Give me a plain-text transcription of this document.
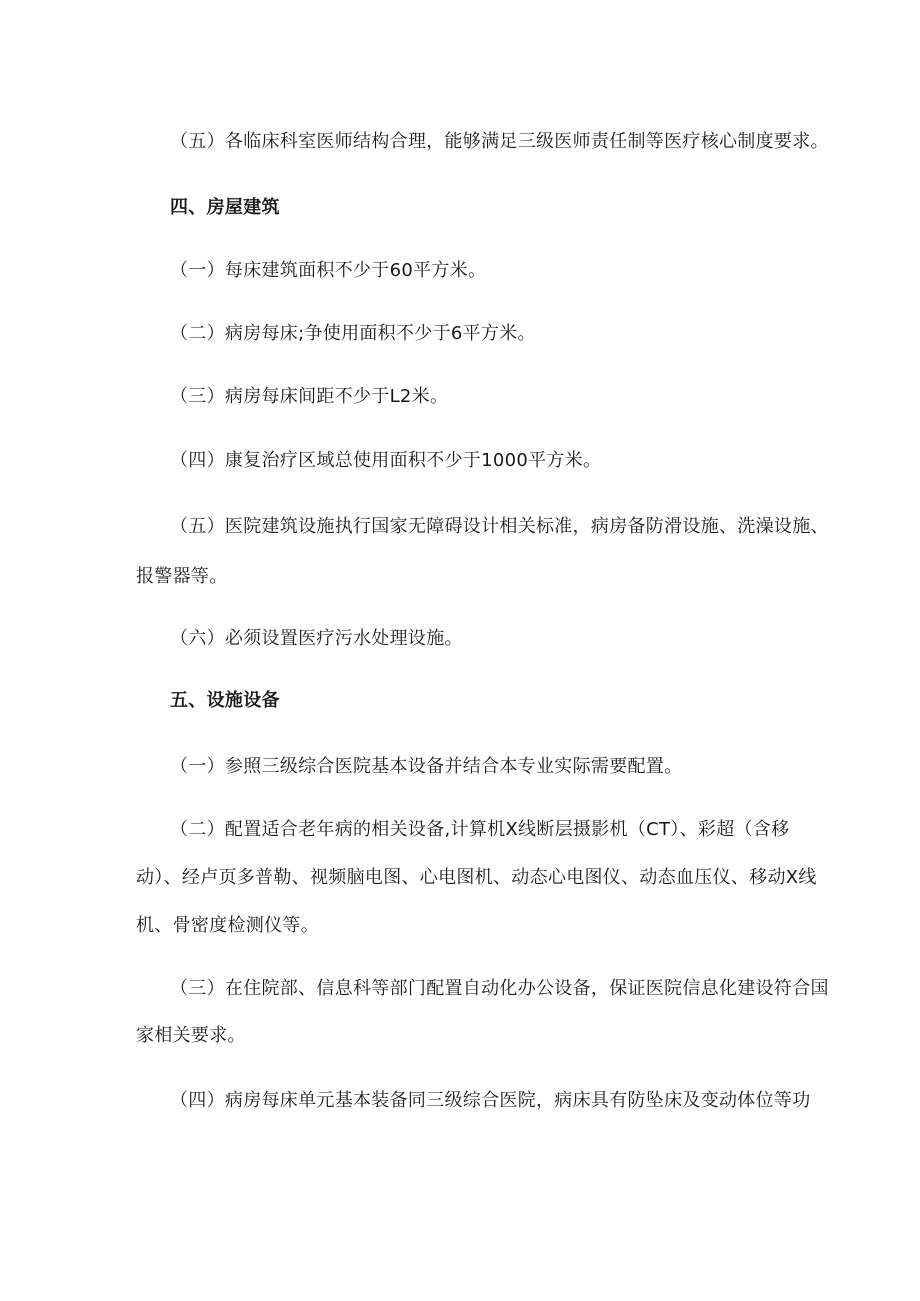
（五）各临床科室医师结构合理，能够满足三级医师责任制等医疗核心制度要求。
四、房屋建筑
（一）每床建筑面积不少于60平方米。
（二）病房每床;争使用面积不少于6平方米。
（三）病房每床间距不少于L2米。
（四）康复治疗区域总使用面积不少于1000平方米。
（五）医院建筑设施执行国家无障碍设计相关标准，病房备防滑设施、洗澡设施、
报警器等。
（六）必须设置医疗污水处理设施。
五、设施设备
（一）参照三级综合医院基本设备并结合本专业实际需要配置。
（二）配置适合老年病的相关设备,计算机X线断层摄影机（CT）、彩超（含移
动）、经卢页多普勒、视频脑电图、心电图机、动态心电图仪、动态血压仪、移动X线
机、骨密度检测仪等。
（三）在住院部、信息科等部门配置自动化办公设备，保证医院信息化建设符合国
家相关要求。
（四）病房每床单元基本装备同三级综合医院，病床具有防坠床及变动体位等功
